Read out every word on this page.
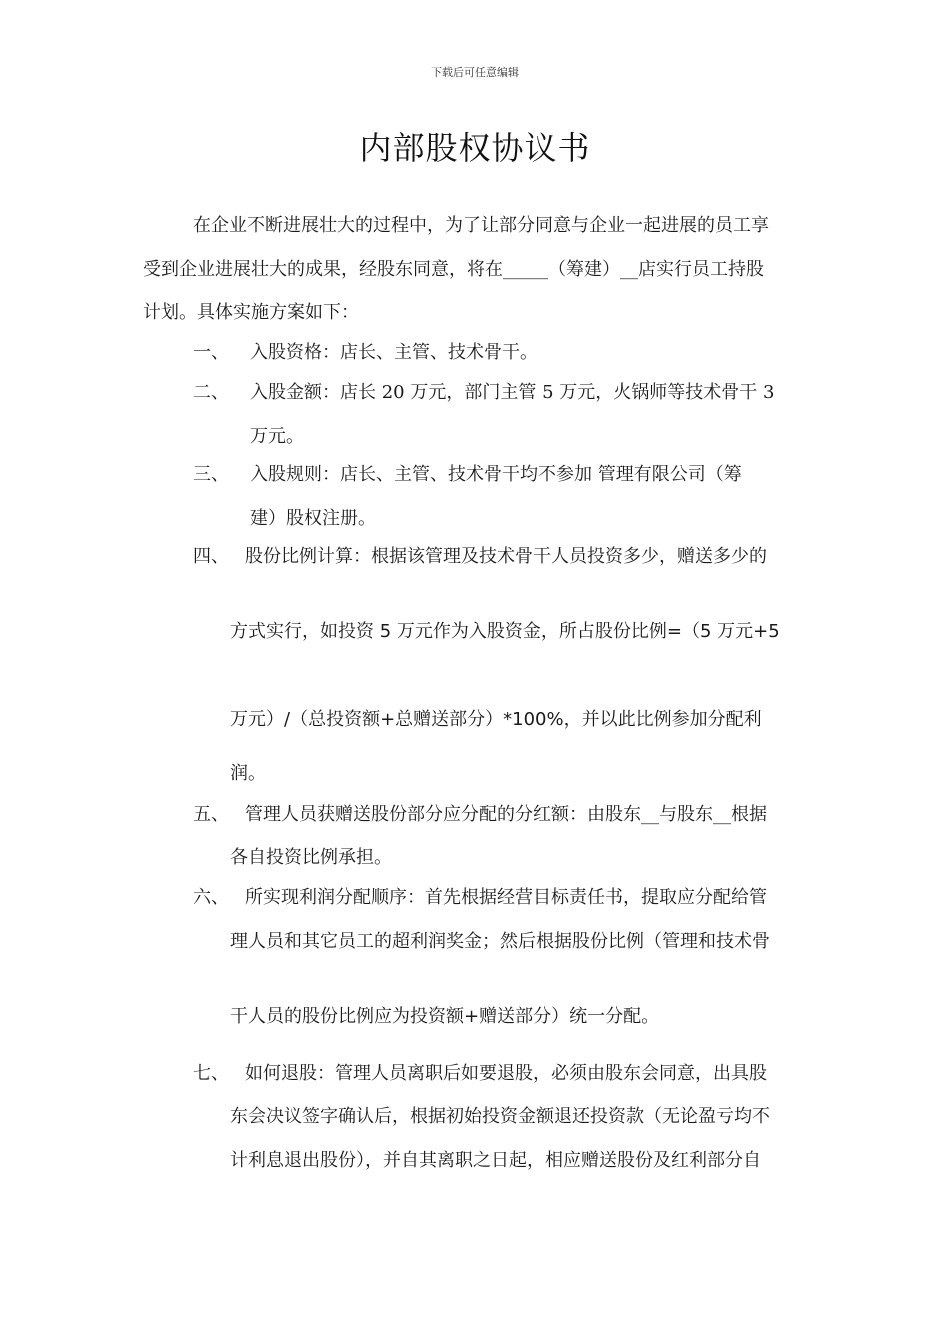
下载后可任意编辑
内部股权协议书
在企业不断进展壮大的过程中，为了让部分同意与企业一起进展的员工享
受到企业进展壮大的成果，经股东同意，将在_____（筹建）__店实行员工持股
计划。具体实施方案如下：
一、 入股资格：店长、主管、技术骨干。
二、 入股金额：店长 20 万元，部门主管 5 万元，火锅师等技术骨干 3
万元。
三、 入股规则：店长、主管、技术骨干均不参加 管理有限公司（筹
建）股权注册。
四、 股份比例计算：根据该管理及技术骨干人员投资多少，赠送多少的
方式实行，如投资 5 万元作为入股资金，所占股份比例=（5 万元+5
万元）/（总投资额+总赠送部分）*100%，并以此比例参加分配利
润。
五、 管理人员获赠送股份部分应分配的分红额：由股东__与股东__根据
各自投资比例承担。
六、 所实现利润分配顺序：首先根据经营目标责任书，提取应分配给管
理人员和其它员工的超利润奖金；然后根据股份比例（管理和技术骨
干人员的股份比例应为投资额+赠送部分）统一分配。
七、 如何退股：管理人员离职后如要退股，必须由股东会同意，出具股
东会决议签字确认后，根据初始投资金额退还投资款（无论盈亏均不
计利息退出股份），并自其离职之日起，相应赠送股份及红利部分自
